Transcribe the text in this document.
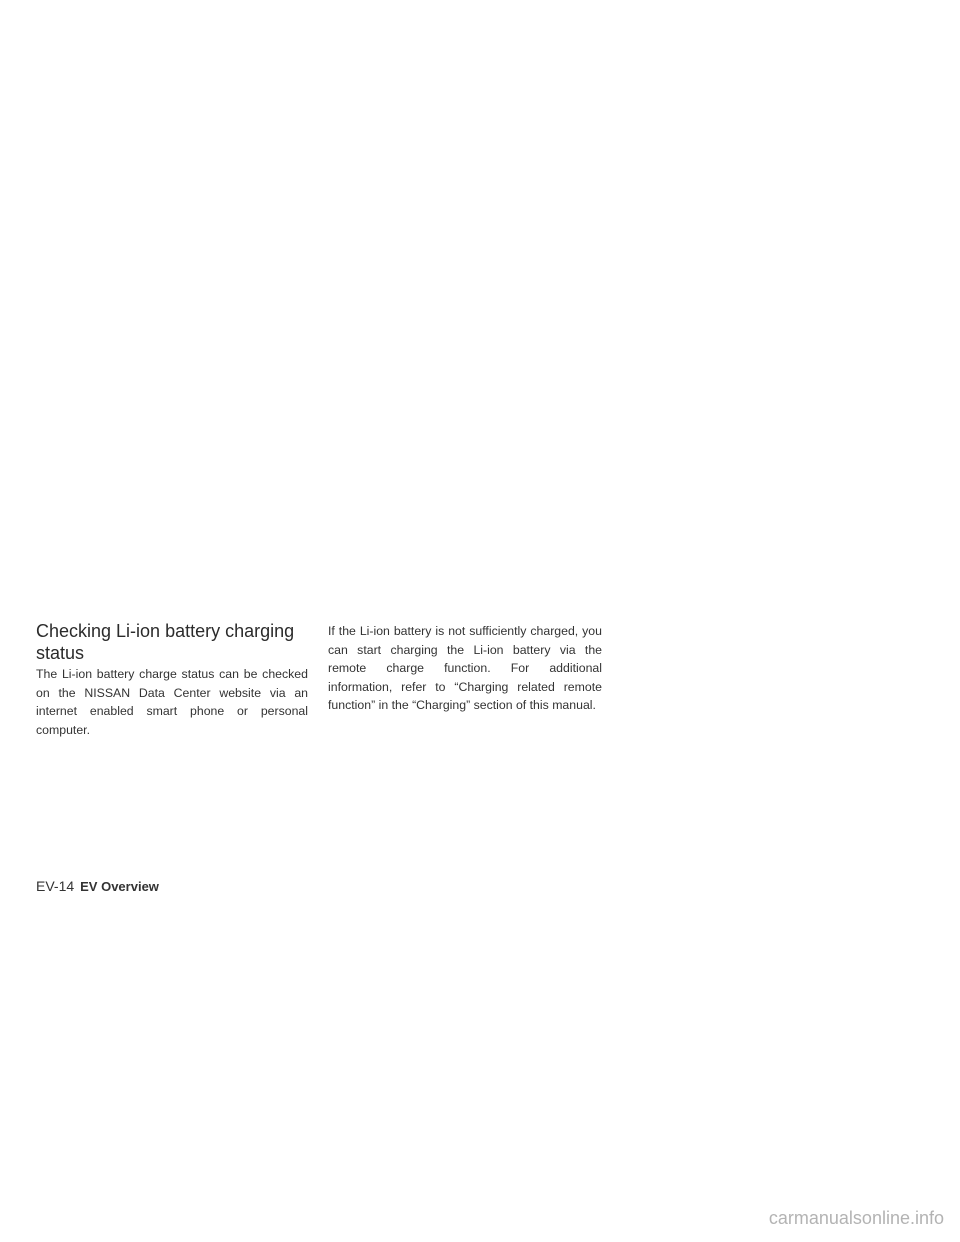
Checking Li-ion battery charging status

The Li-ion battery charge status can be checked on the NISSAN Data Center website via an internet enabled smart phone or personal computer.

If the Li-ion battery is not sufficiently charged, you can start charging the Li-ion battery via the remote charge function. For additional information, refer to “Charging related remote function” in the “Charging” section of this manual.

EV-14 EV Overview
carmanualsonline.info
